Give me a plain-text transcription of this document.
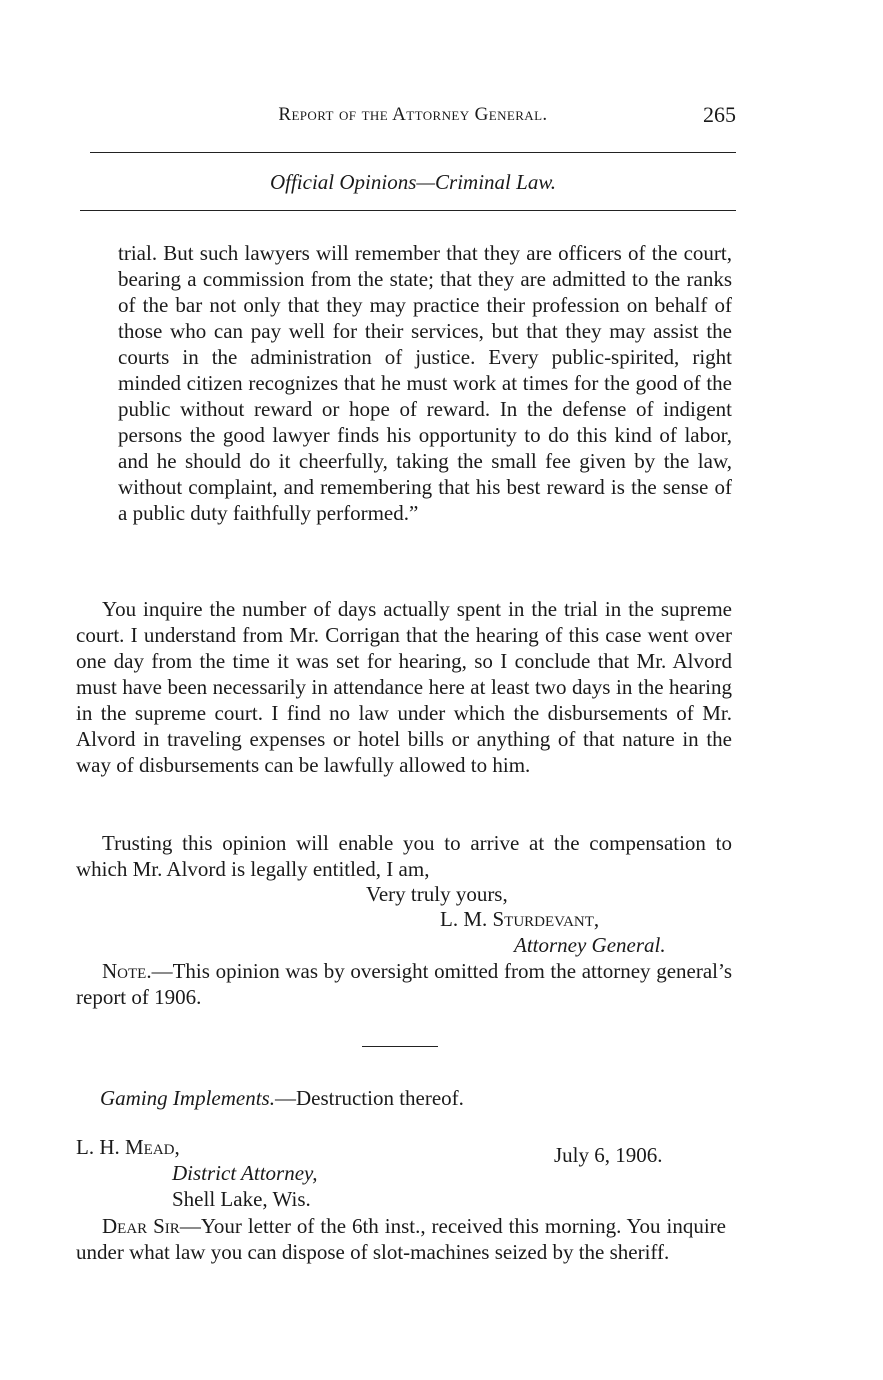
Report of the Attorney General.	265
Official Opinions—Criminal Law.
trial. But such lawyers will remember that they are officers of the court, bearing a commission from the state; that they are admitted to the ranks of the bar not only that they may practice their profession on behalf of those who can pay well for their services, but that they may assist the courts in the administration of justice. Every public-spirited, right minded citizen recognizes that he must work at times for the good of the public without reward or hope of reward. In the defense of indigent persons the good lawyer finds his opportunity to do this kind of labor, and he should do it cheerfully, taking the small fee given by the law, without complaint, and remembering that his best reward is the sense of a public duty faithfully performed.”
You inquire the number of days actually spent in the trial in the supreme court. I understand from Mr. Corrigan that the hearing of this case went over one day from the time it was set for hearing, so I conclude that Mr. Alvord must have been necessarily in attendance here at least two days in the hearing in the supreme court. I find no law under which the disbursements of Mr. Alvord in traveling expenses or hotel bills or anything of that nature in the way of disbursements can be lawfully allowed to him.
Trusting this opinion will enable you to arrive at the compensation to which Mr. Alvord is legally entitled, I am,
Very truly yours,
L. M. Sturdevant,
Attorney General.
Note.—This opinion was by oversight omitted from the attorney general’s report of 1906.
Gaming Implements.—Destruction thereof.
L. H. Mead,	July 6, 1906.
District Attorney,
Shell Lake, Wis.
Dear Sir—Your letter of the 6th inst., received this morning. You inquire under what law you can dispose of slot-machines seized by the sheriff.
